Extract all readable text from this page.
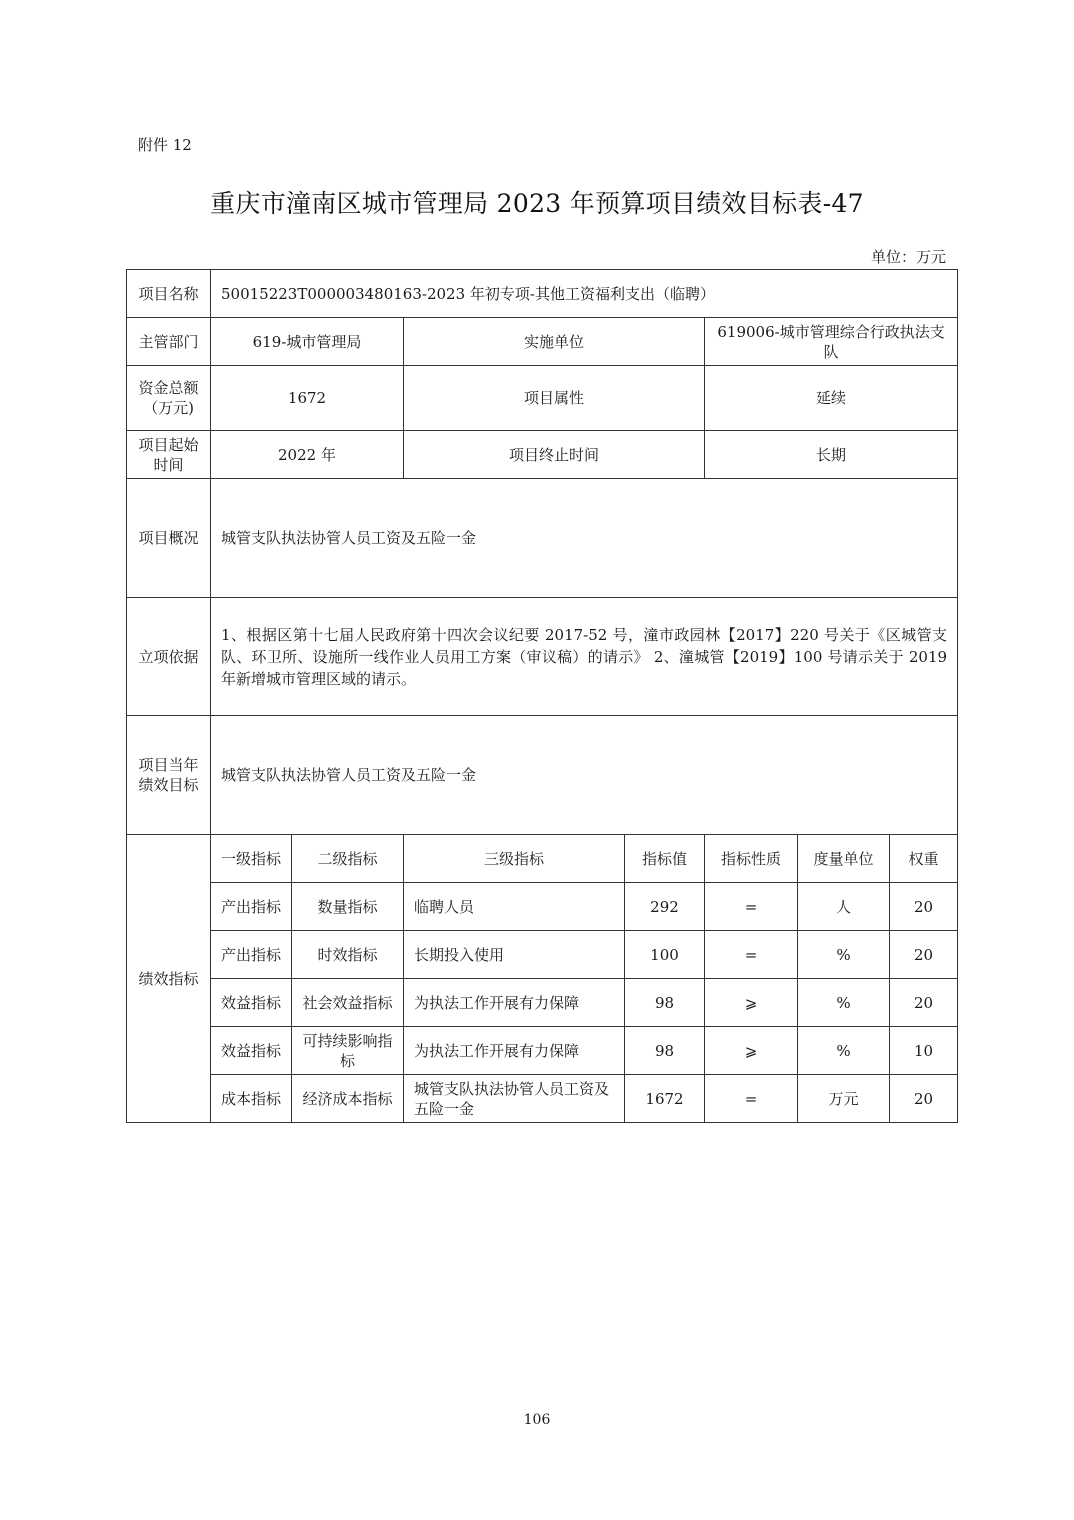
附件 12
重庆市潼南区城市管理局 2023 年预算项目绩效目标表-47
单位：万元
项目名称	50015223T000003480163-2023 年初专项-其他工资福利支出（临聘）						
主管部门	619-城市管理局		实施单位		619006-城市管理综合行政执法支队		
资金总额（万元)	1672		项目属性		延续		
项目起始时间	2022 年		项目终止时间		长期		
项目概况	城管支队执法协管人员工资及五险一金						
立项依据	1、根据区第十七届人民政府第十四次会议纪要 2017-52 号，潼市政园林【2017】220 号关于《区城管支队、环卫所、设施所一线作业人员用工方案（审议稿）的请示》 2、潼城管【2019】100 号请示关于 2019 年新增城市管理区域的请示。						
项目当年绩效目标	城管支队执法协管人员工资及五险一金						
绩效指标	一级指标	二级指标	三级指标	指标值	指标性质	度量单位	权重
	产出指标	数量指标	临聘人员	292	=	人	20
	产出指标	时效指标	长期投入使用	100	=	%	20
	效益指标	社会效益指标	为执法工作开展有力保障	98	⩾	%	20
	效益指标	可持续影响指标	为执法工作开展有力保障	98	⩾	%	10
	成本指标	经济成本指标	城管支队执法协管人员工资及五险一金	1672	=	万元	20
106
